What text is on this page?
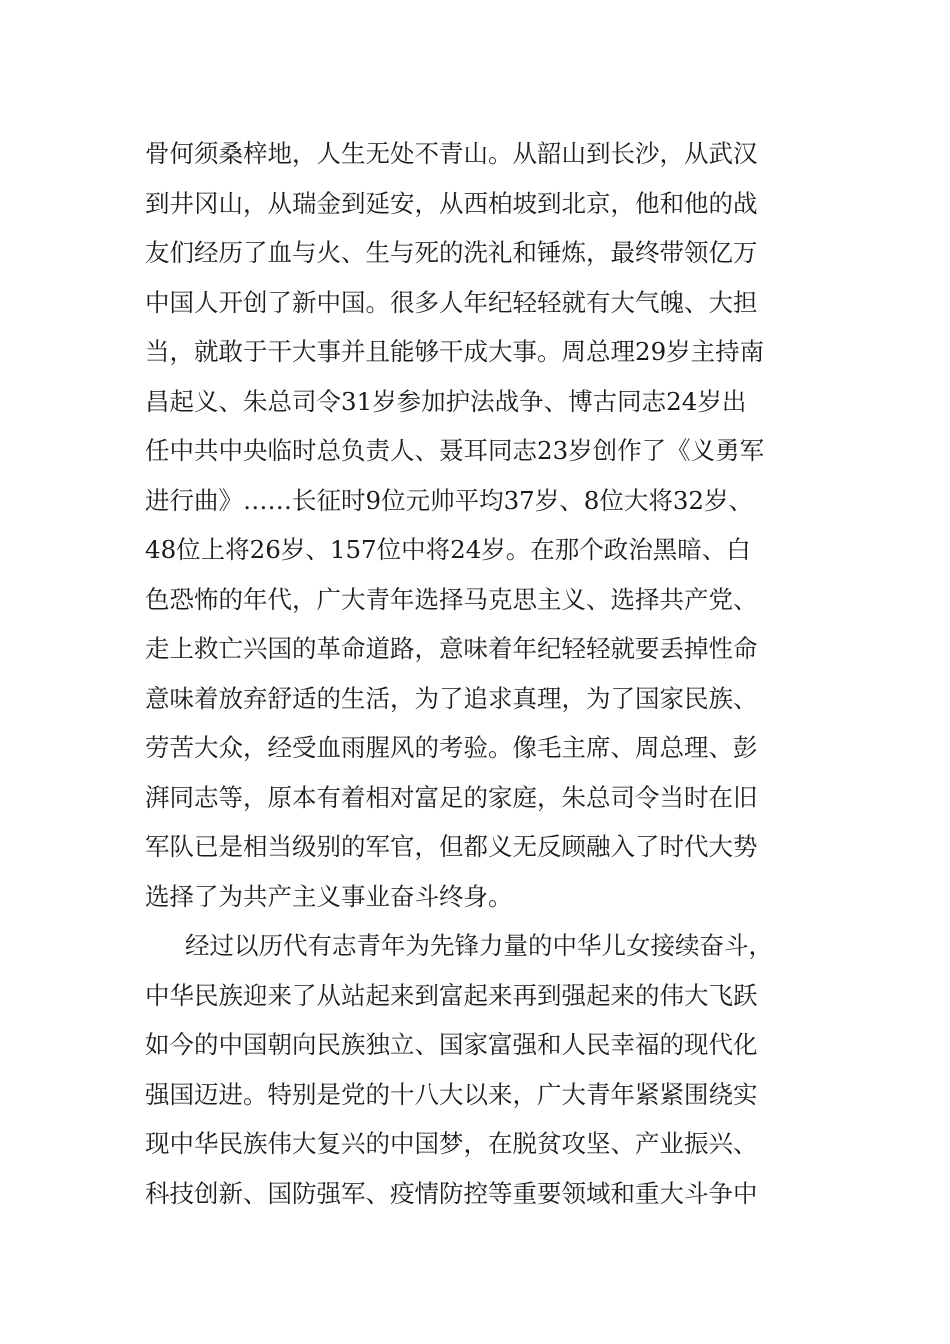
骨何须桑梓地，人生无处不青山。从韶山到长沙，从武汉
到井冈山，从瑞金到延安，从西柏坡到北京，他和他的战
友们经历了血与火、生与死的洗礼和锤炼，最终带领亿万
中国人开创了新中国。很多人年纪轻轻就有大气魄、大担
当，就敢于干大事并且能够干成大事。周总理29岁主持南
昌起义、朱总司令31岁参加护法战争、博古同志24岁出
任中共中央临时总负责人、聂耳同志23岁创作了《义勇军
进行曲》……长征时9位元帅平均37岁、8位大将32岁、
48位上将26岁、157位中将24岁。在那个政治黑暗、白
色恐怖的年代，广大青年选择马克思主义、选择共产党、
走上救亡兴国的革命道路，意味着年纪轻轻就要丢掉性命
意味着放弃舒适的生活，为了追求真理，为了国家民族、
劳苦大众，经受血雨腥风的考验。像毛主席、周总理、彭
湃同志等，原本有着相对富足的家庭，朱总司令当时在旧
军队已是相当级别的军官，但都义无反顾融入了时代大势
选择了为共产主义事业奋斗终身。
经过以历代有志青年为先锋力量的中华儿女接续奋斗，
中华民族迎来了从站起来到富起来再到强起来的伟大飞跃
如今的中国朝向民族独立、国家富强和人民幸福的现代化
强国迈进。特别是党的十八大以来，广大青年紧紧围绕实
现中华民族伟大复兴的中国梦，在脱贫攻坚、产业振兴、
科技创新、国防强军、疫情防控等重要领域和重大斗争中
